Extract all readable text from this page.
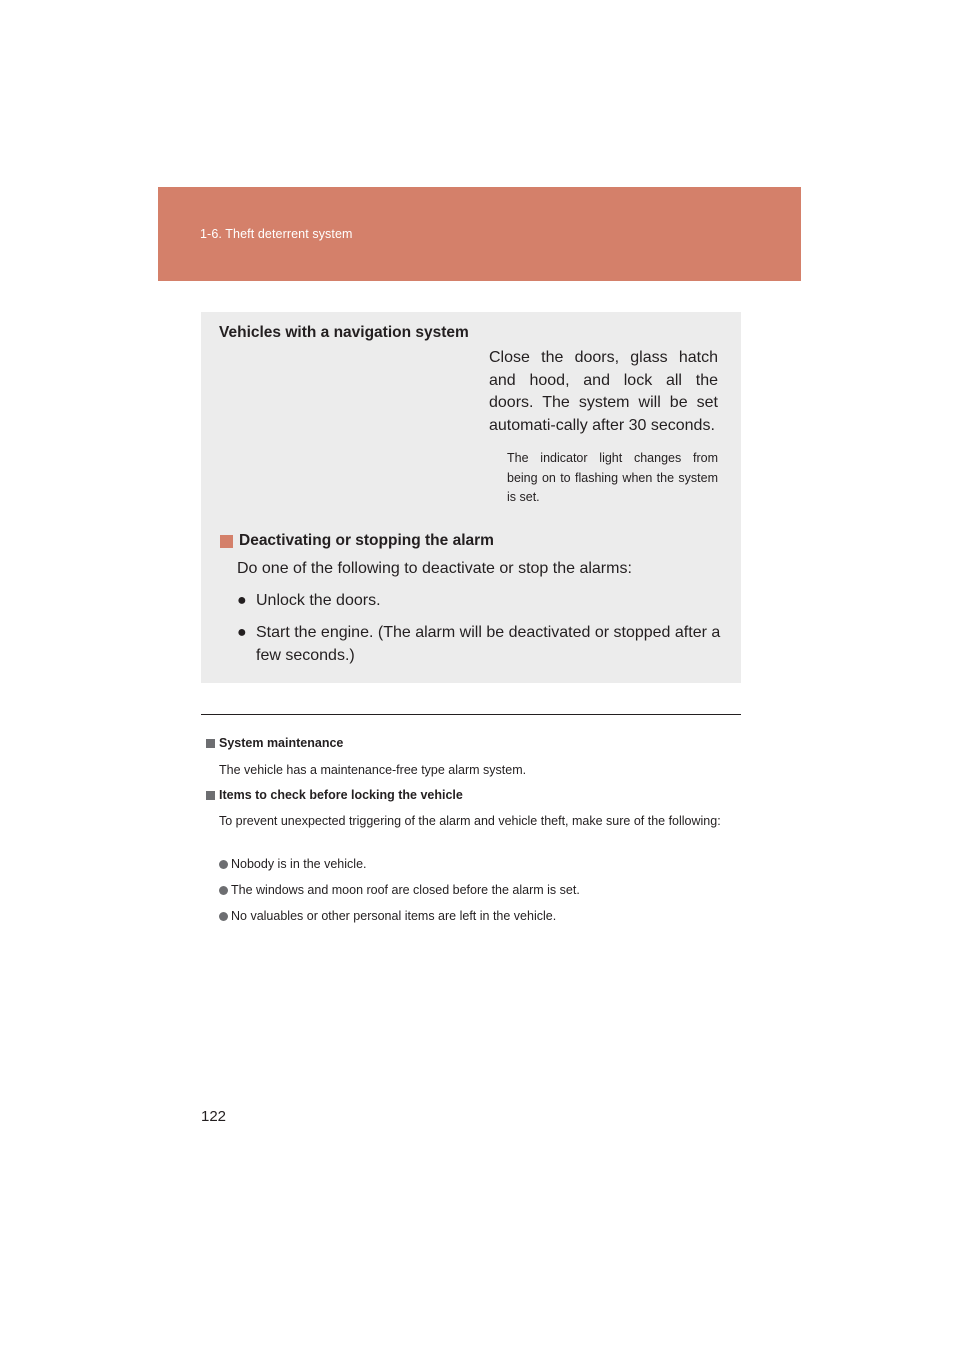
1-6. Theft deterrent system
Vehicles with a navigation system
Close the doors, glass hatch and hood, and lock all the doors. The system will be set automati-cally after 30 seconds.
The indicator light changes from being on to flashing when the system is set.
Deactivating or stopping the alarm
Do one of the following to deactivate or stop the alarms:
● Unlock the doors.
● Start the engine. (The alarm will be deactivated or stopped after a few seconds.)
System maintenance
The vehicle has a maintenance-free type alarm system.
Items to check before locking the vehicle
To prevent unexpected triggering of the alarm and vehicle theft, make sure of the following:
Nobody is in the vehicle.
The windows and moon roof are closed before the alarm is set.
No valuables or other personal items are left in the vehicle.
122
